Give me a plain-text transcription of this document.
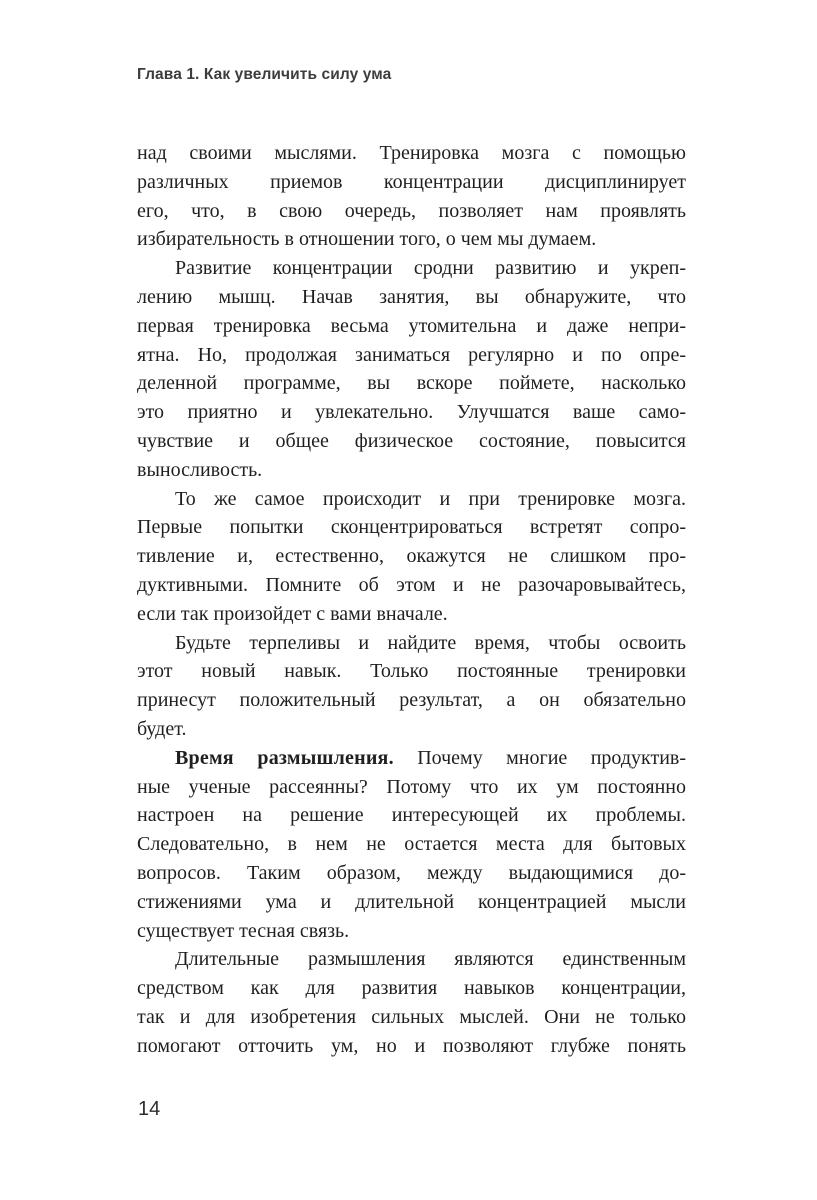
Глава 1. Как увеличить силу ума
над своими мыслями. Тренировка мозга с помощью
различных приемов концентрации дисциплинирует
его, что, в свою очередь, позволяет нам проявлять
избирательность в отношении того, о чем мы думаем.
Развитие концентрации сродни развитию и укреп-
лению мышц. Начав занятия, вы обнаружите, что
первая тренировка весьма утомительна и даже непри-
ятна. Но, продолжая заниматься регулярно и по опре-
деленной программе, вы вскоре поймете, насколько
это приятно и увлекательно. Улучшатся ваше само-
чувствие и общее физическое состояние, повысится
выносливость.
То же самое происходит и при тренировке мозга.
Первые попытки сконцентрироваться встретят сопро-
тивление и, естественно, окажутся не слишком про-
дуктивными. Помните об этом и не разочаровывайтесь,
если так произойдет с вами вначале.
Будьте терпеливы и найдите время, чтобы освоить
этот новый навык. Только постоянные тренировки
принесут положительный результат, а он обязательно
будет.
Время размышления. Почему многие продуктив-
ные ученые рассеянны? Потому что их ум постоянно
настроен на решение интересующей их проблемы.
Следовательно, в нем не остается места для бытовых
вопросов. Таким образом, между выдающимися до-
стижениями ума и длительной концентрацией мысли
существует тесная связь.
Длительные размышления являются единственным
средством как для развития навыков концентрации,
так и для изобретения сильных мыслей. Они не только
помогают отточить ум, но и позволяют глубже понять
14
